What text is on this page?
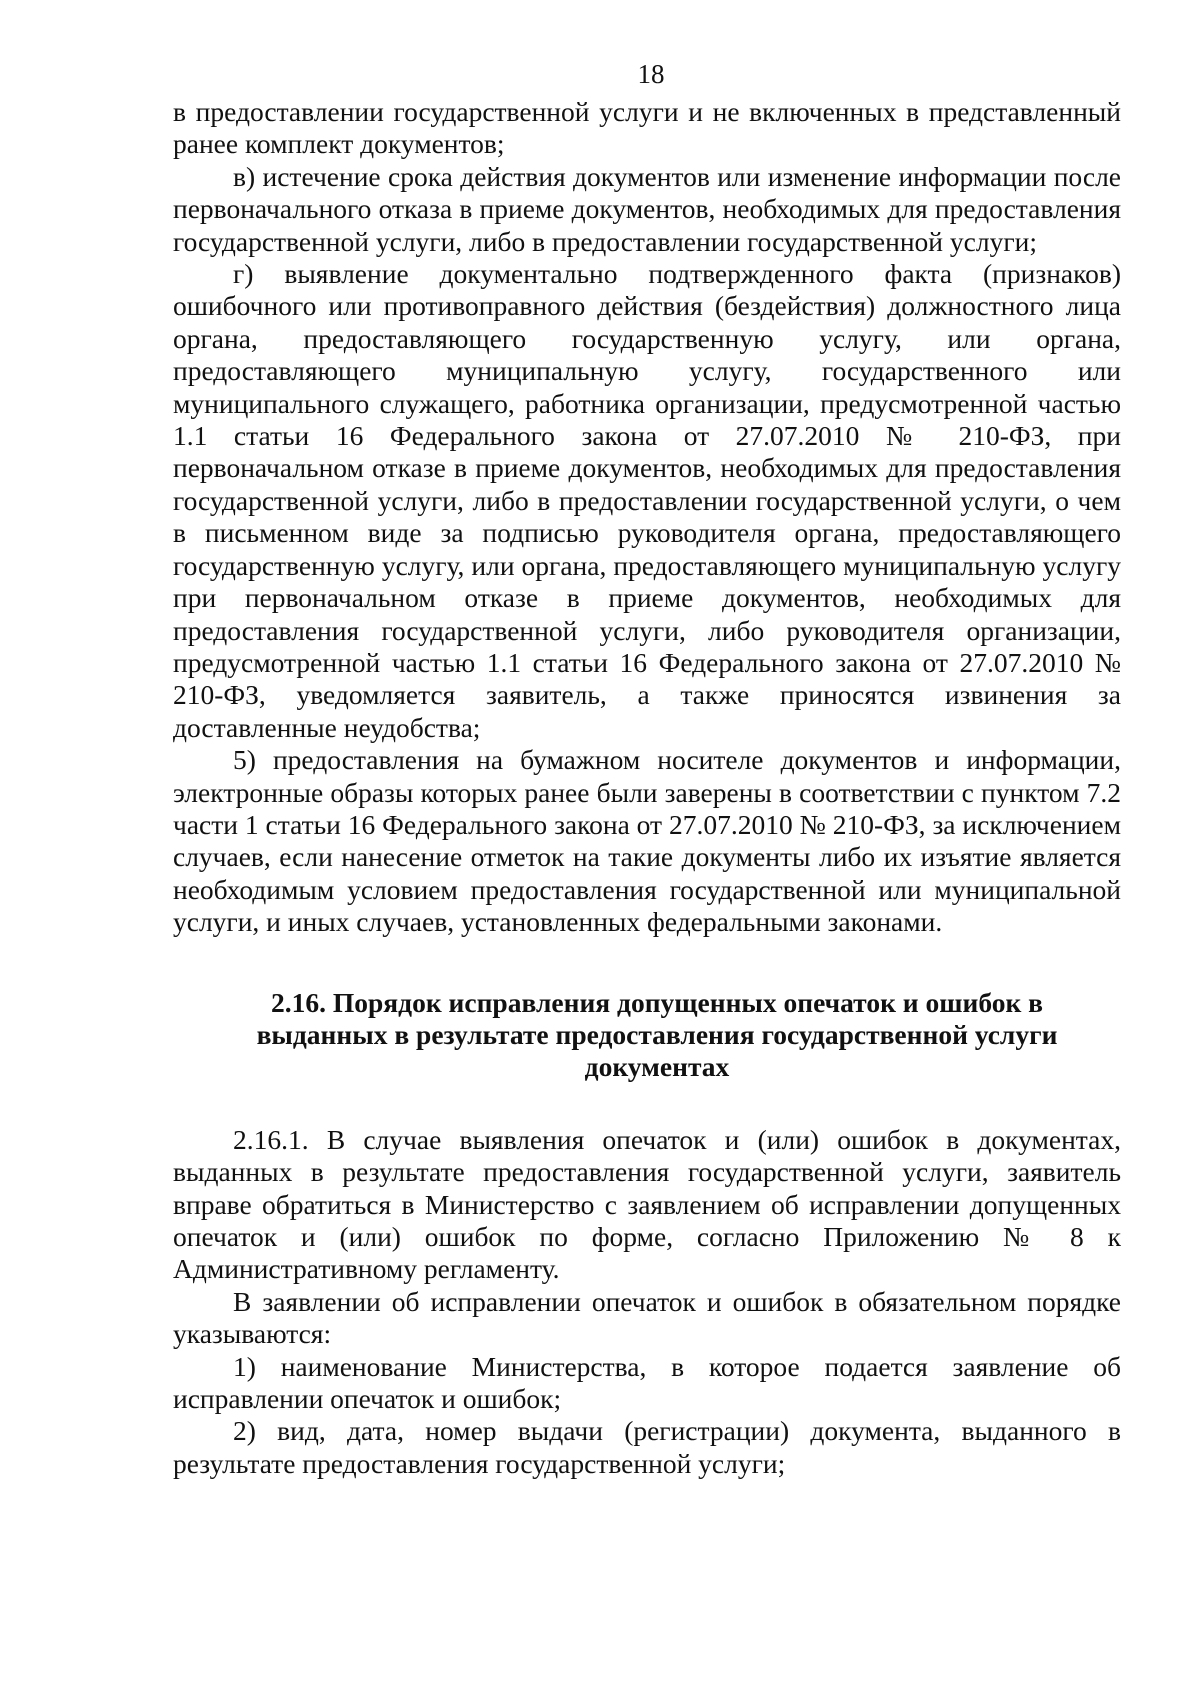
18

в предоставлении государственной услуги и не включенных в представленный ранее комплект документов;

в) истечение срока действия документов или изменение информации после первоначального отказа в приеме документов, необходимых для предоставления государственной услуги, либо в предоставлении государственной услуги;

г) выявление документально подтвержденного факта (признаков) ошибочного или противоправного действия (бездействия) должностного лица органа, предоставляющего государственную услугу, или органа, предоставляющего муниципальную услугу, государственного или муниципального служащего, работника организации, предусмотренной частью 1.1 статьи 16 Федерального закона от 27.07.2010 № 210-ФЗ, при первоначальном отказе в приеме документов, необходимых для предоставления государственной услуги, либо в предоставлении государственной услуги, о чем в письменном виде за подписью руководителя органа, предоставляющего государственную услугу, или органа, предоставляющего муниципальную услугу при первоначальном отказе в приеме документов, необходимых для предоставления государственной услуги, либо руководителя организации, предусмотренной частью 1.1 статьи 16 Федерального закона от 27.07.2010 № 210-ФЗ, уведомляется заявитель, а также приносятся извинения за доставленные неудобства;

5) предоставления на бумажном носителе документов и информации, электронные образы которых ранее были заверены в соответствии с пунктом 7.2 части 1 статьи 16 Федерального закона от 27.07.2010 № 210-ФЗ, за исключением случаев, если нанесение отметок на такие документы либо их изъятие является необходимым условием предоставления государственной или муниципальной услуги, и иных случаев, установленных федеральными законами.

2.16. Порядок исправления допущенных опечаток и ошибок в выданных в результате предоставления государственной услуги документах

2.16.1. В случае выявления опечаток и (или) ошибок в документах, выданных в результате предоставления государственной услуги, заявитель вправе обратиться в Министерство с заявлением об исправлении допущенных опечаток и (или) ошибок по форме, согласно Приложению № 8 к Административному регламенту.

В заявлении об исправлении опечаток и ошибок в обязательном порядке указываются:

1) наименование Министерства, в которое подается заявление об исправлении опечаток и ошибок;

2) вид, дата, номер выдачи (регистрации) документа, выданного в результате предоставления государственной услуги;
